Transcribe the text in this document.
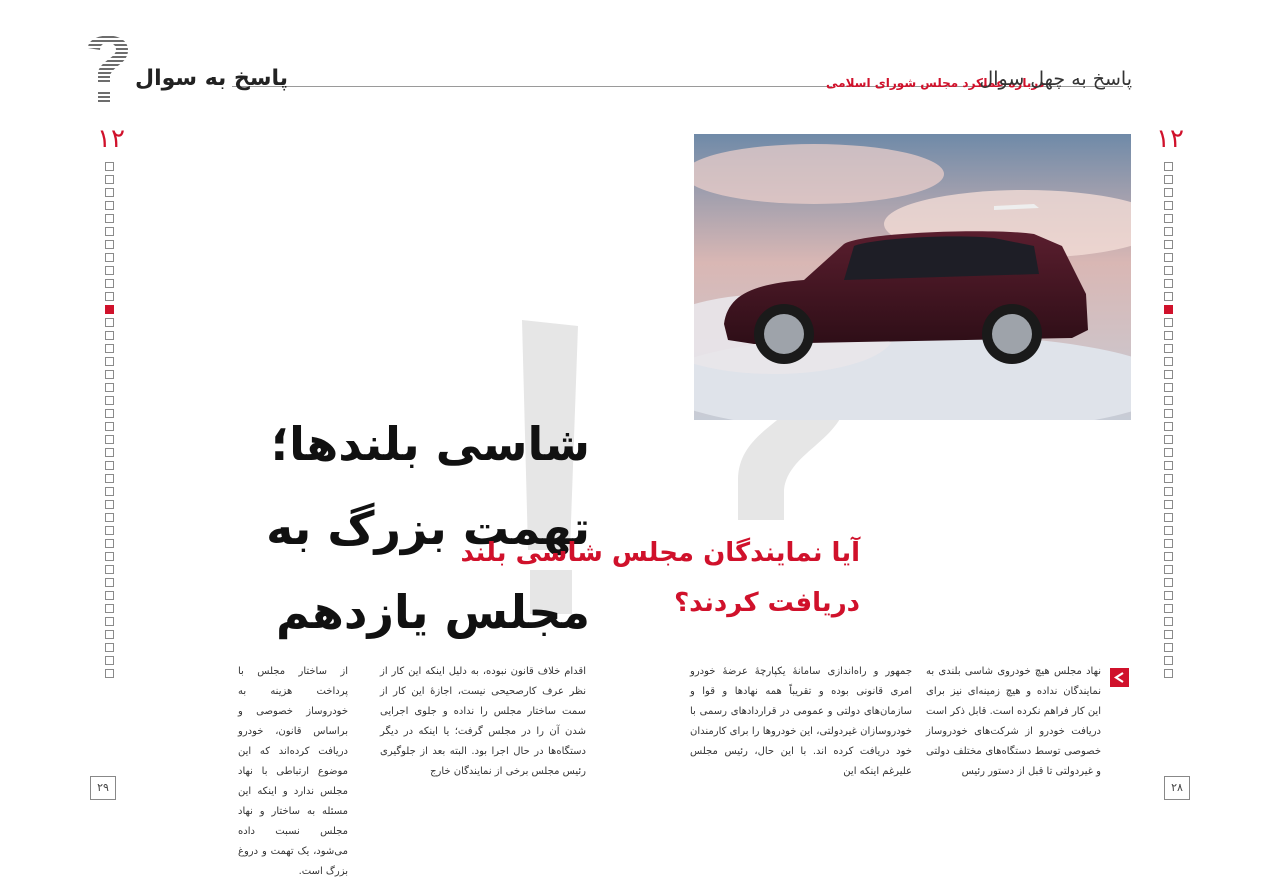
پاسخ به سوال	درباره عملکرد مجلس شورای اسلامی
پاسخ به چهل سوال
۱۲	۱۲
شاسی بلندها؛
تهمت بزرگ به
مجلس یازدهم
آیا نمایندگان مجلس شاسی بلند
دریافت کردند؟
اقدام خلاف قانون نبوده، به دلیل اینکه این کار از نظر عرف کارصحیحی نیست، اجازهٔ این کار از سمت ساختار مجلس را نداده و جلوی اجرایی شدن آن را در مجلس گرفت؛ یا اینکه در دیگر دستگاه‌ها در حال اجرا بود. البته بعد از جلوگیری رئیس مجلس برخی از نمایندگان خارج
از ساختار مجلس با پرداخت هزینه به خودروساز خصوصی و براساس قانون، خودرو دریافت کرده‌اند که این موضوع ارتباطی با نهاد مجلس ندارد و اینکه این مسئله به ساختار و نهاد مجلس نسبت داده می‌شود، یک تهمت و دروغ بزرگ است.
نهاد مجلس هیچ خودروی شاسی بلندی به نمایندگان نداده و هیچ زمینه‌ای نیز برای این کار فراهم نکرده است. قابل ذکر است دریافت خودرو از شرکت‌های خودروساز خصوصی توسط دستگاه‌های مختلف دولتی و غیردولتی تا قبل از دستور رئیس
جمهور و راه‌اندازی سامانهٔ یکپارچهٔ عرضهٔ خودرو امری قانونی بوده و تقریباً همه نهادها و قوا و سازمان‌های دولتی و عمومی در قرارداد‌های رسمی با خودروسازان غیردولتی، این خودروها را برای کارمندان خود دریافت کرده اند. با این حال، رئیس مجلس علیرغم اینکه این
۲۹	۲۸
